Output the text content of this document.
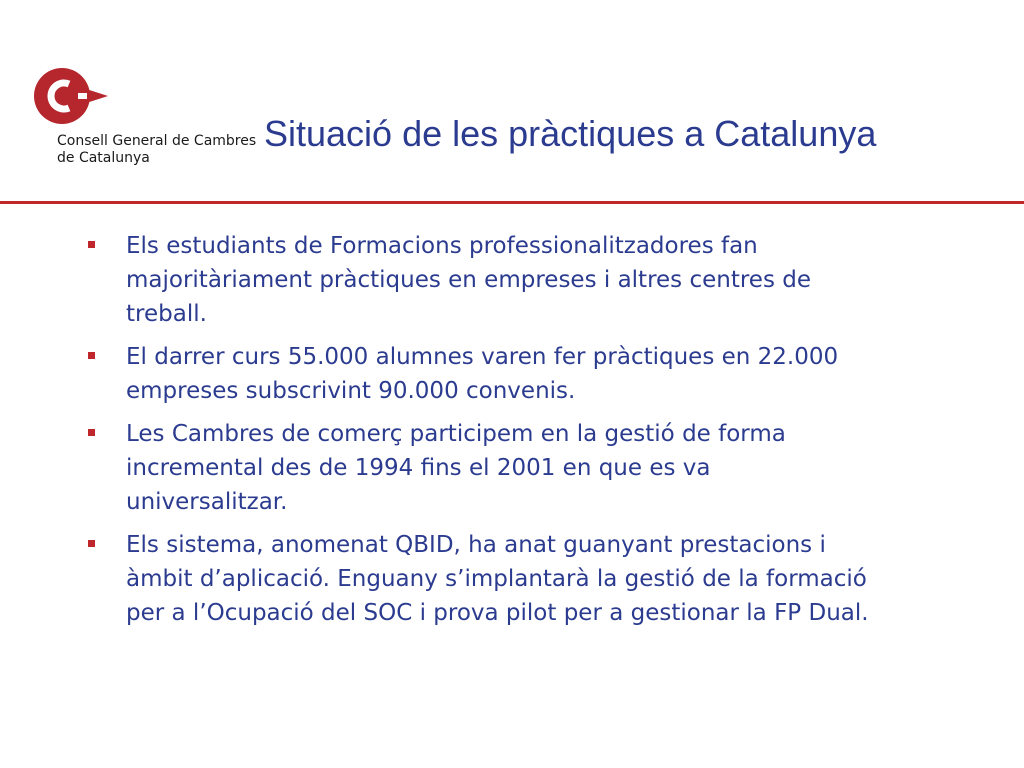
Consell General de Cambres
de Catalunya
Situació de les pràctiques a Catalunya
Els estudiants de Formacions professionalitzadores fan
majoritàriament pràctiques en empreses i altres centres de
treball.
El darrer curs 55.000 alumnes varen fer pràctiques en 22.000
empreses subscrivint 90.000 convenis.
Les Cambres de comerç participem en la gestió de forma
incremental des de 1994 fins el 2001 en que es va
universalitzar.
Els sistema, anomenat QBID, ha anat guanyant prestacions i
àmbit d’aplicació. Enguany s’implantarà la gestió de la formació
per a l’Ocupació del SOC i prova pilot per a gestionar la FP Dual.
